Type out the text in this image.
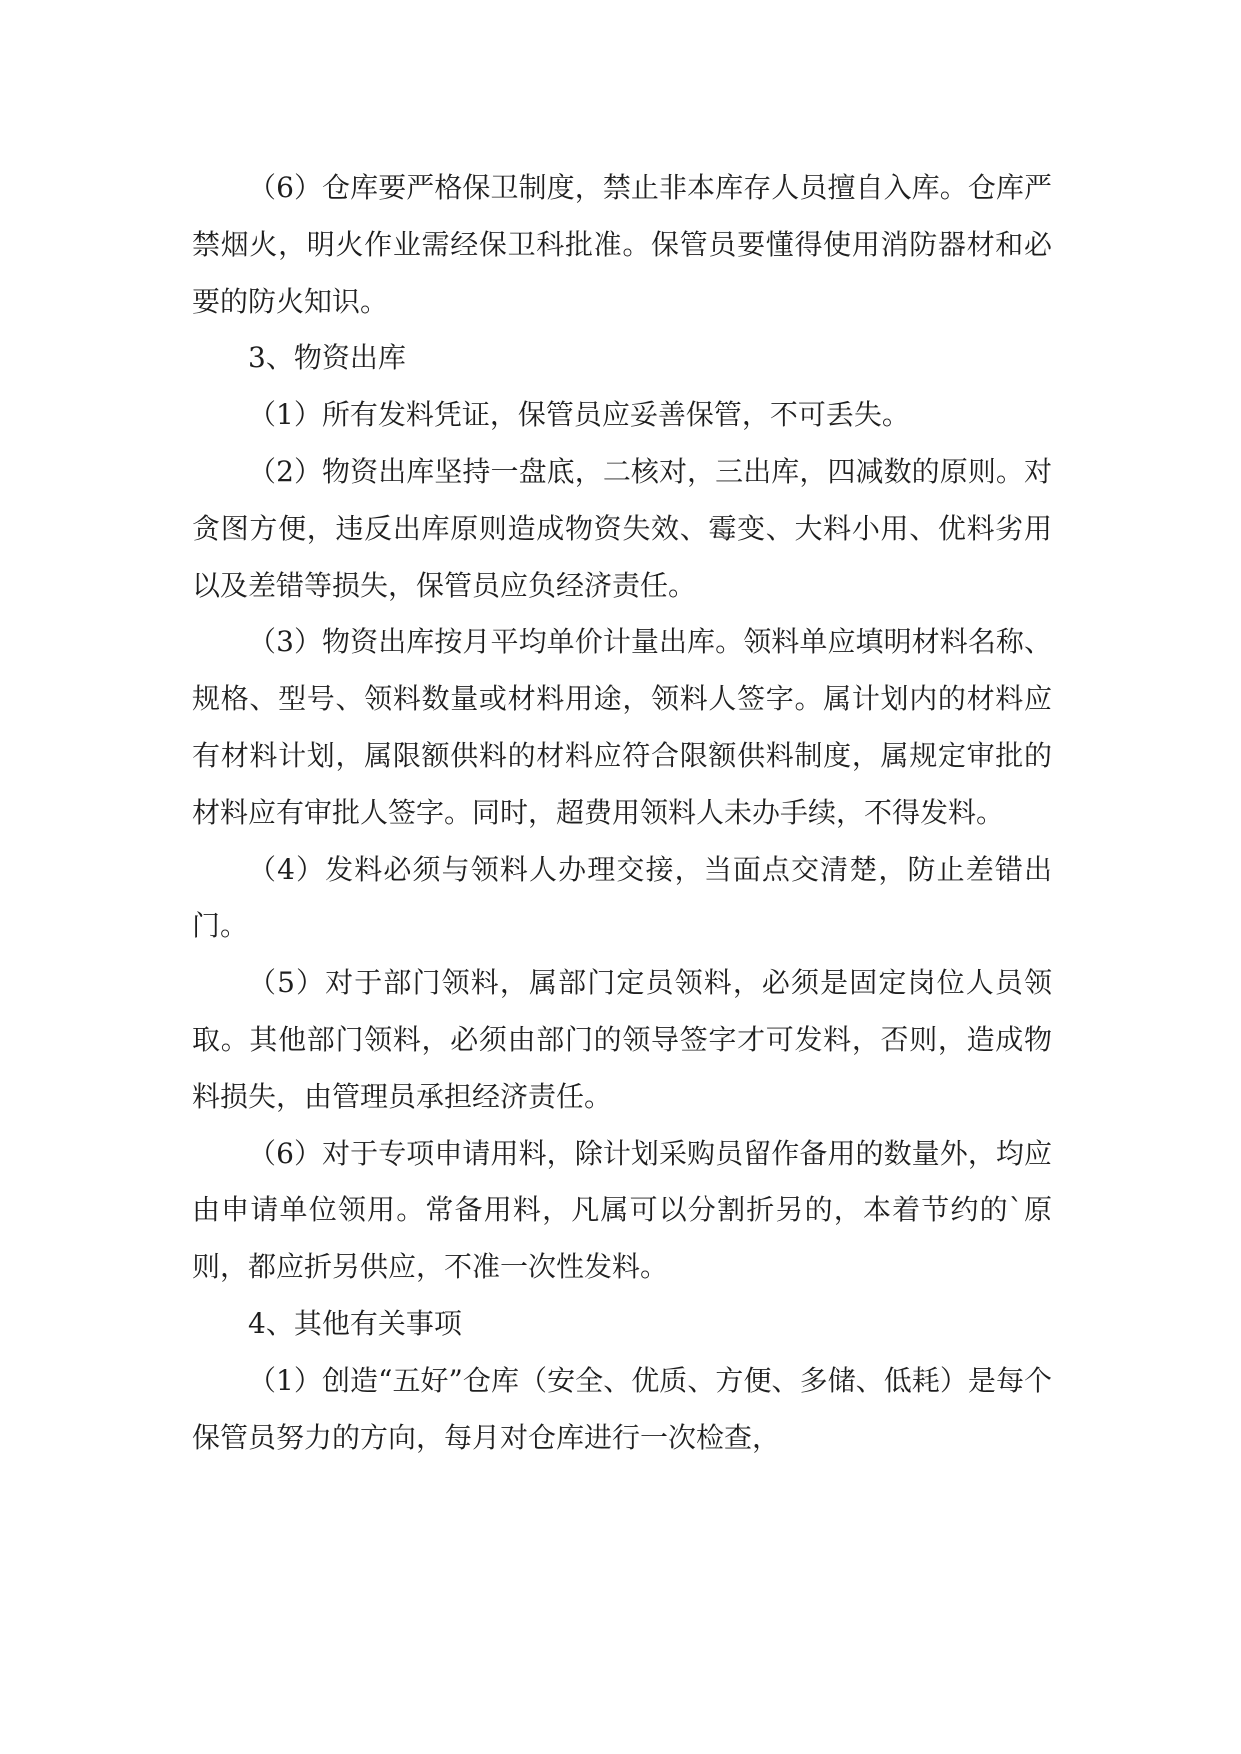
（6）仓库要严格保卫制度，禁止非本库存人员擅自入库。仓库严禁烟火，明火作业需经保卫科批准。保管员要懂得使用消防器材和必要的防火知识。

3、物资出库

（1）所有发料凭证，保管员应妥善保管，不可丢失。

（2）物资出库坚持一盘底，二核对，三出库，四减数的原则。对贪图方便，违反出库原则造成物资失效、霉变、大料小用、优料劣用以及差错等损失，保管员应负经济责任。

（3）物资出库按月平均单价计量出库。领料单应填明材料名称、规格、型号、领料数量或材料用途，领料人签字。属计划内的材料应有材料计划，属限额供料的材料应符合限额供料制度，属规定审批的材料应有审批人签字。同时，超费用领料人未办手续，不得发料。

（4）发料必须与领料人办理交接，当面点交清楚，防止差错出门。

（5）对于部门领料，属部门定员领料，必须是固定岗位人员领取。其他部门领料，必须由部门的领导签字才可发料，否则，造成物料损失，由管理员承担经济责任。

（6）对于专项申请用料，除计划采购员留作备用的数量外，均应由申请单位领用。常备用料，凡属可以分割折另的，本着节约的`原则，都应折另供应，不准一次性发料。

4、其他有关事项

（1）创造“五好”仓库（安全、优质、方便、多储、低耗）是每个保管员努力的方向，每月对仓库进行一次检查，
